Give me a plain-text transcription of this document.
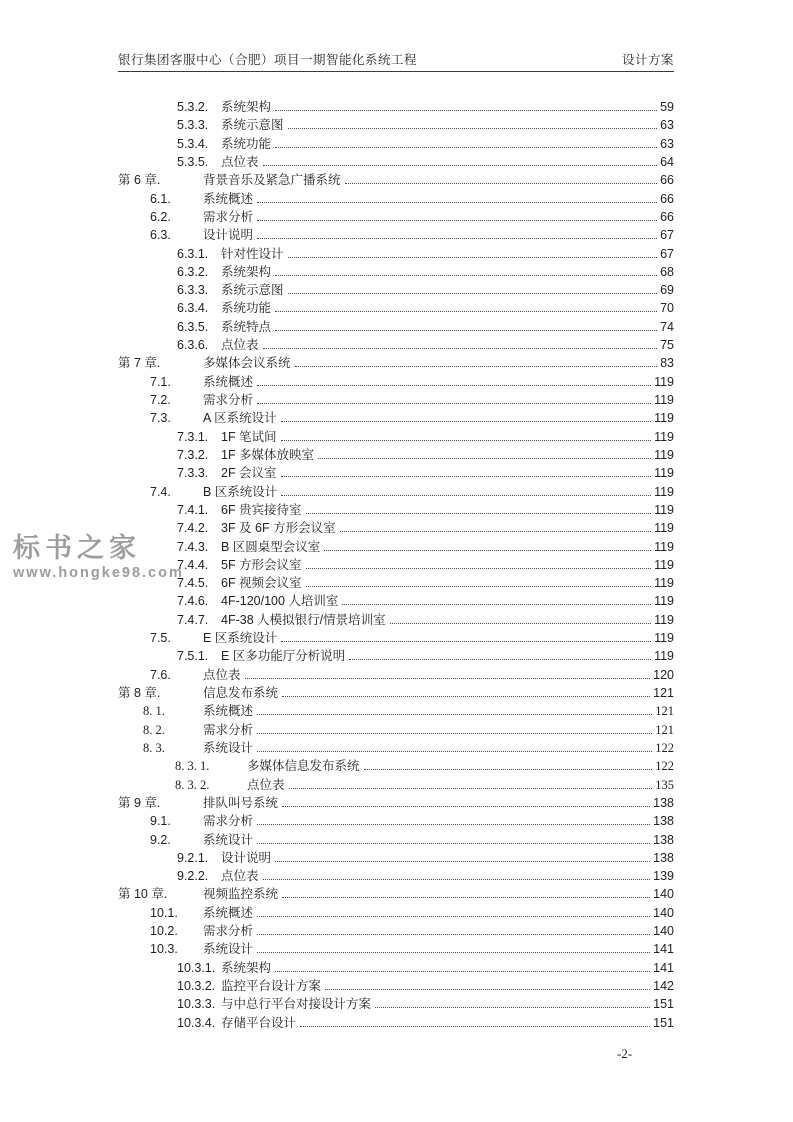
银行集团客服中心（合肥）项目一期智能化系统工程	设计方案
标书之家
www.hongke98.com
5.3.2.	系统架构	59
5.3.3.	系统示意图	63
5.3.4.	系统功能	63
5.3.5.	点位表	64
第 6 章.	背景音乐及紧急广播系统	66
6.1.	系统概述	66
6.2.	需求分析	66
6.3.	设计说明	67
6.3.1.	针对性设计	67
6.3.2.	系统架构	68
6.3.3.	系统示意图	69
6.3.4.	系统功能	70
6.3.5.	系统特点	74
6.3.6.	点位表	75
第 7 章.	多媒体会议系统	83
7.1.	系统概述	119
7.2.	需求分析	119
7.3.	A 区系统设计	119
7.3.1.	1F 笔试间	119
7.3.2.	1F 多媒体放映室	119
7.3.3.	2F 会议室	119
7.4.	B 区系统设计	119
7.4.1.	6F 贵宾接待室	119
7.4.2.	3F 及 6F 方形会议室	119
7.4.3.	B 区圆桌型会议室	119
7.4.4.	5F 方形会议室	119
7.4.5.	6F 视频会议室	119
7.4.6.	4F-120/100 人培训室	119
7.4.7.	4F-38 人模拟银行/情景培训室	119
7.5.	E 区系统设计	119
7.5.1.	E 区多功能厅分析说明	119
7.6.	点位表	120
第 8 章.	信息发布系统	121
8. 1.	系统概述	121
8. 2.	需求分析	121
8. 3.	系统设计	122
8. 3. 1.	多媒体信息发布系统	122
8. 3. 2.	点位表	135
第 9 章.	排队叫号系统	138
9.1.	需求分析	138
9.2.	系统设计	138
9.2.1.	设计说明	138
9.2.2.	点位表	139
第 10 章.	视频监控系统	140
10.1.	系统概述	140
10.2.	需求分析	140
10.3.	系统设计	141
10.3.1. 系统架构	141
10.3.2. 监控平台设计方案	142
10.3.3. 与中总行平台对接设计方案	151
10.3.4. 存储平台设计	151
-2-
